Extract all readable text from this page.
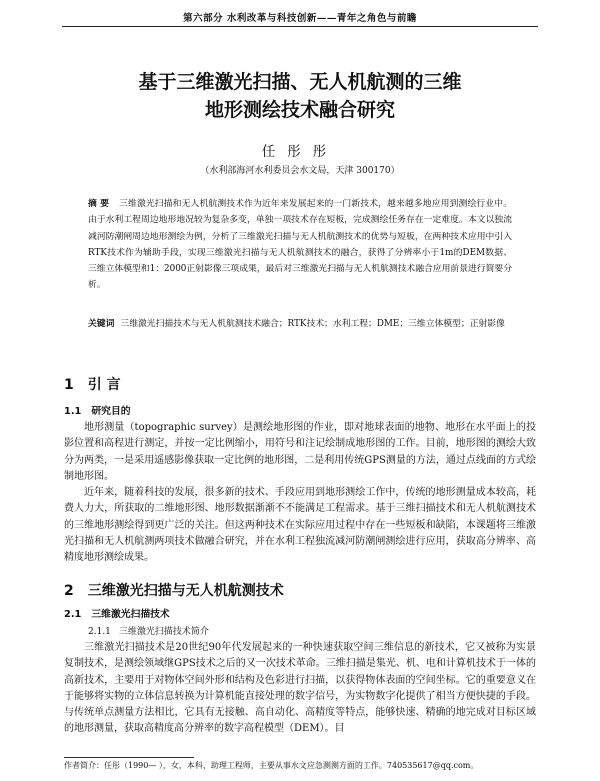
第六部分 水利改革与科技创新——青年之角色与前瞻
基于三维激光扫描、无人机航测的三维
地形测绘技术融合研究
任彤彤
（水利部海河水利委员会水文局，天津 300170）
摘 要 三维激光扫描和无人机航测技术作为近年来发展起来的一门新技术，越来越多地应用到测绘行业中。由于水利工程周边地形地况较为复杂多变，单独一项技术存在短板，完成测绘任务存在一定难度。本文以独流减河防潮闸周边地形测绘为例，分析了三维激光扫描与无人机航测技术的优势与短板，在两种技术应用中引入RTK技术作为辅助手段，实现三维激光扫描与无人机航测技术的融合，获得了分辨率小于1m的DEM数据、三维立体模型和1：2000正射影像三项成果，最后对三维激光扫描与无人机航测技术融合应用前景进行简要分析。
关键词 三维激光扫描技术与无人机航测技术融合；RTK技术；水利工程；DME；三维立体模型；正射影像
1 引 言
1.1 研究目的

地形测量（topographic survey）是测绘地形图的作业，即对地球表面的地物、地形在水平面上的投影位置和高程进行测定，并按一定比例缩小，用符号和注记绘制成地形图的工作。目前，地形图的测绘大致分为两类，一是采用遥感影像获取一定比例的地形图，二是利用传统GPS测量的方法，通过点线面的方式绘制地形图。

近年来，随着科技的发展，很多新的技术、手段应用到地形测绘工作中，传统的地形测量成本较高，耗费人力大，所获取的二维地形图、地形数据渐渐不不能满足工程需求。基于三维扫描技术和无人机航测技术的三维地形测绘得到更广泛的关注。但这两种技术在实际应用过程中存在一些短板和缺陷，本课题将三维激光扫描和无人机航测两项技术做融合研究，并在水利工程独流减河防潮闸测绘进行应用，获取高分辨率、高精度地形测绘成果。

2 三维激光扫描与无人机航测技术
2.1 三维激光扫描技术
2.1.1 三维激光扫描技术简介

三维激光扫描技术是20世纪90年代发展起来的一种快速获取空间三维信息的新技术，它又被称为实景复制技术，是测绘领域继GPS技术之后的又一次技术革命。三维扫描是集光、机、电和计算机技术于一体的高新技术，主要用于对物体空间外形和结构及色彩进行扫描，以获得物体表面的空间坐标。它的重要意义在于能够将实物的立体信息转换为计算机能直接处理的数字信号，为实物数字化提供了相当方便快捷的手段。与传统单点测量方法相比，它具有无接触、高自动化、高精度等特点，能够快速、精确的地完成对目标区域的地形测量，获取高精度高分辨率的数字高程模型（DEM）。目

作者简介：任彤（1990— ），女，本科，助理工程师，主要从事水文应急测测方面的工作。740535617@qq.com。
